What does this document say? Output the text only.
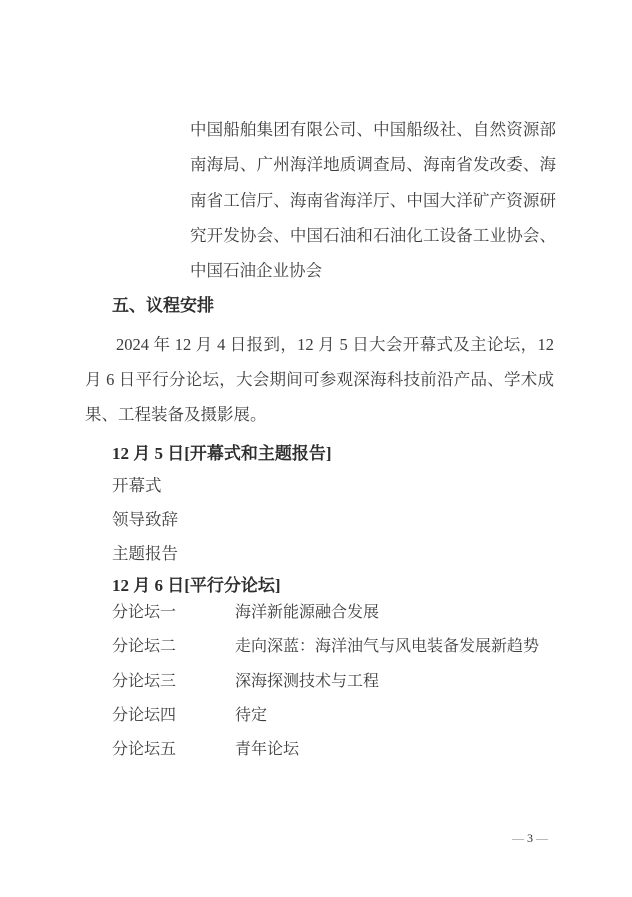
中国船舶集团有限公司、中国船级社、自然资源部
南海局、广州海洋地质调查局、海南省发改委、海
南省工信厅、海南省海洋厅、中国大洋矿产资源研
究开发协会、中国石油和石油化工设备工业协会、
中国石油企业协会
五、议程安排
2024 年 12 月 4 日报到，12 月 5 日大会开幕式及主论坛，12
月 6 日平行分论坛，大会期间可参观深海科技前沿产品、学术成
果、工程装备及摄影展。
12 月 5 日[开幕式和主题报告]
开幕式
领导致辞
主题报告
12 月 6 日[平行分论坛]
分论坛一	海洋新能源融合发展
分论坛二	走向深蓝：海洋油气与风电装备发展新趋势
分论坛三	深海探测技术与工程
分论坛四	待定
分论坛五	青年论坛
— 3 —
